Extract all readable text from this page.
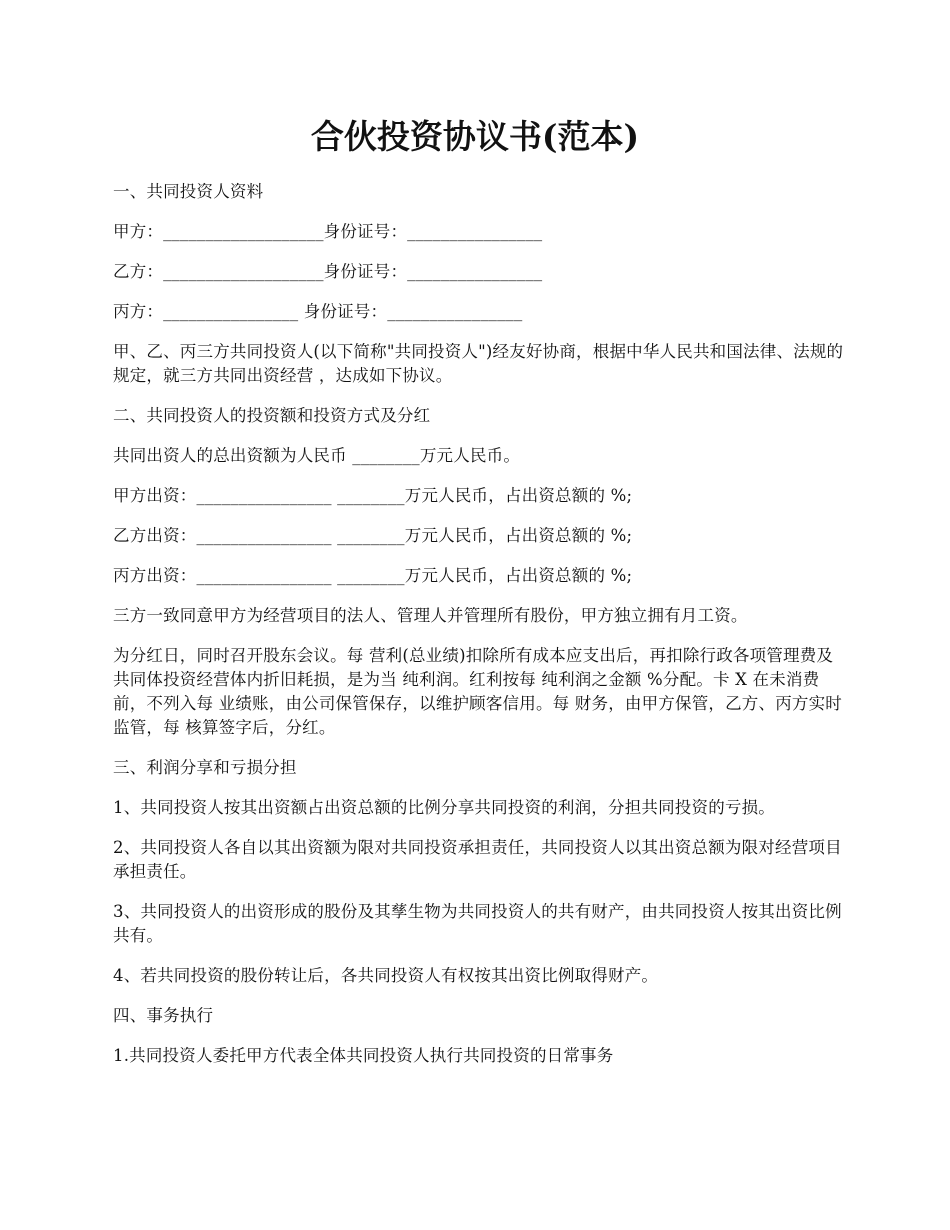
合伙投资协议书(范本)

一、共同投资人资料

甲方：___________________身份证号：________________

乙方：___________________身份证号：________________

丙方：________________ 身份证号：________________

甲、乙、丙三方共同投资人(以下简称"共同投资人")经友好协商，根据中华人民共和国法律、法规的规定，就三方共同出资经营 ，达成如下协议。

二、共同投资人的投资额和投资方式及分红

共同出资人的总出资额为人民币 ________万元人民币。

甲方出资：________________ ________万元人民币，占出资总额的 %;

乙方出资：________________ ________万元人民币，占出资总额的 %;

丙方出资：________________ ________万元人民币，占出资总额的 %;

三方一致同意甲方为经营项目的法人、管理人并管理所有股份，甲方独立拥有月工资。

为分红日，同时召开股东会议。每 营利(总业绩)扣除所有成本应支出后，再扣除行政各项管理费及共同体投资经营体内折旧耗损，是为当 纯利润。红利按每 纯利润之金额 %分配。卡 X 在未消费前，不列入每 业绩账，由公司保管保存，以维护顾客信用。每 财务，由甲方保管，乙方、丙方实时监管，每 核算签字后，分红。

三、利润分享和亏损分担

1、共同投资人按其出资额占出资总额的比例分享共同投资的利润，分担共同投资的亏损。

2、共同投资人各自以其出资额为限对共同投资承担责任，共同投资人以其出资总额为限对经营项目承担责任。

3、共同投资人的出资形成的股份及其孳生物为共同投资人的共有财产，由共同投资人按其出资比例共有。

4、若共同投资的股份转让后，各共同投资人有权按其出资比例取得财产。

四、事务执行

1.共同投资人委托甲方代表全体共同投资人执行共同投资的日常事务
